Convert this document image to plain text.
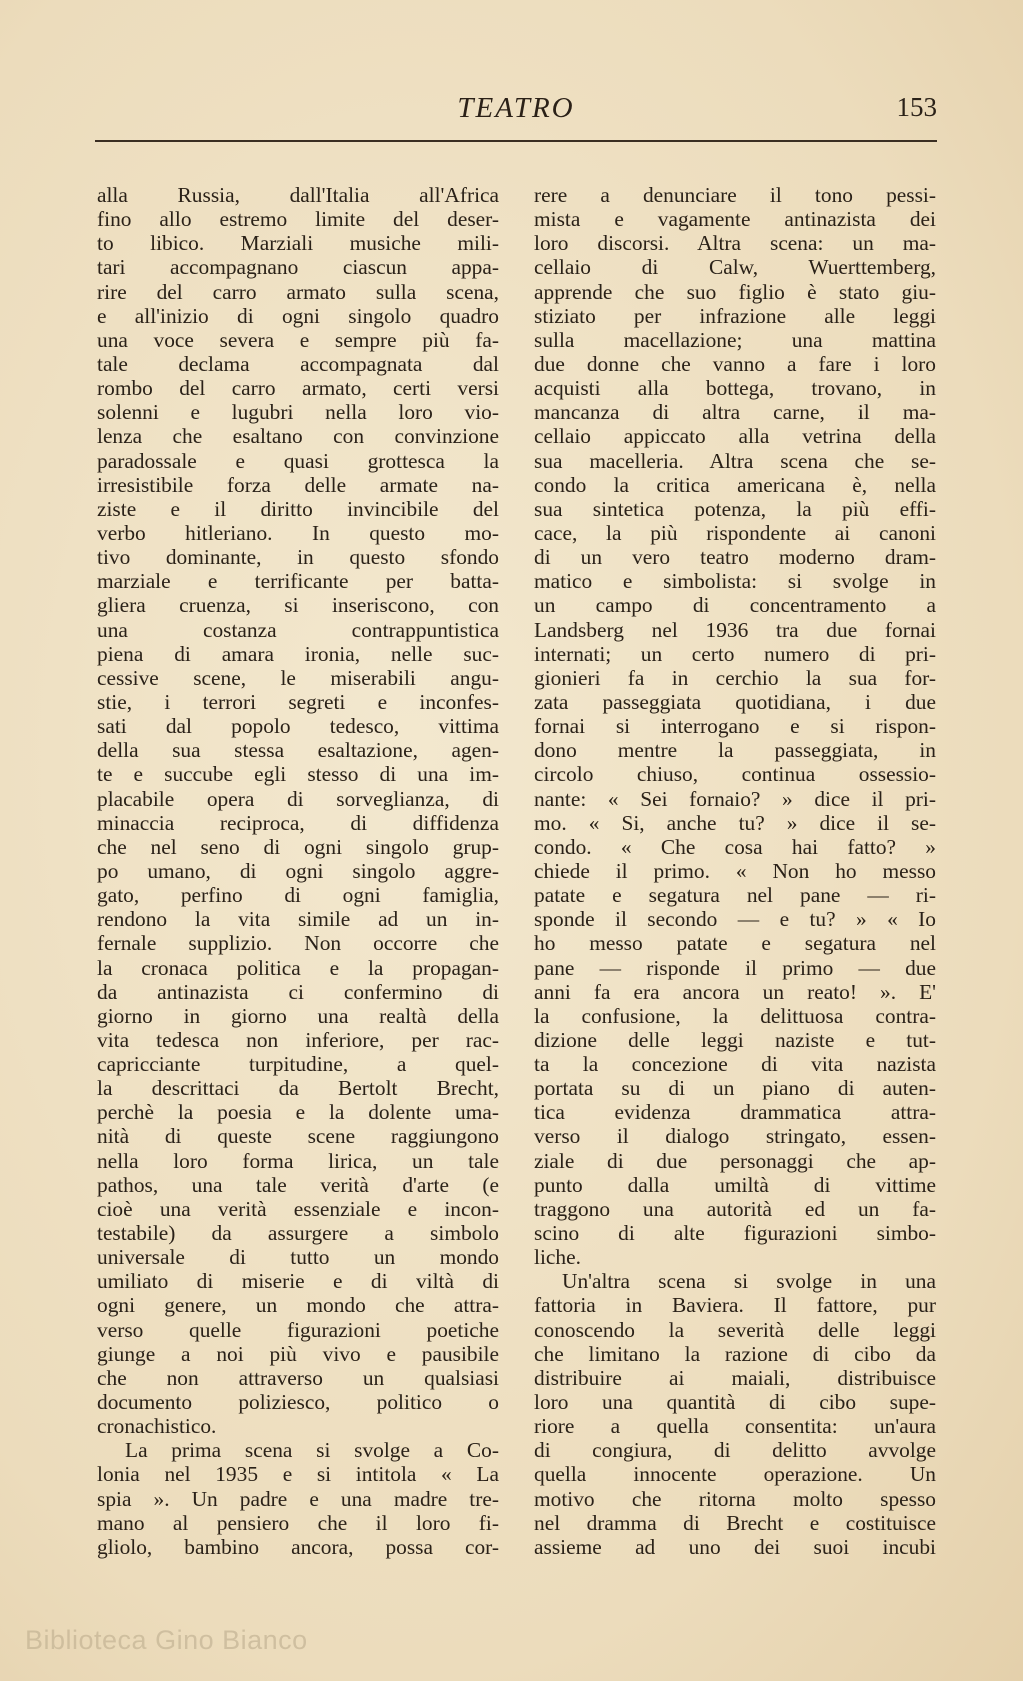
TEATRO	153
alla Russia, dall'Italia all'Africa
fino allo estremo limite del deser-
to libico. Marziali musiche mili-
tari accompagnano ciascun appa-
rire del carro armato sulla scena,
e all'inizio di ogni singolo quadro
una voce severa e sempre più fa-
tale declama accompagnata dal
rombo del carro armato, certi versi
solenni e lugubri nella loro vio-
lenza che esaltano con convinzione
paradossale e quasi grottesca la
irresistibile forza delle armate na-
ziste e il diritto invincibile del
verbo hitleriano. In questo mo-
tivo dominante, in questo sfondo
marziale e terrificante per batta-
gliera cruenza, si inseriscono, con
una costanza contrappuntistica
piena di amara ironia, nelle suc-
cessive scene, le miserabili angu-
stie, i terrori segreti e inconfes-
sati dal popolo tedesco, vittima
della sua stessa esaltazione, agen-
te e succube egli stesso di una im-
placabile opera di sorveglianza, di
minaccia reciproca, di diffidenza
che nel seno di ogni singolo grup-
po umano, di ogni singolo aggre-
gato, perfino di ogni famiglia,
rendono la vita simile ad un in-
fernale supplizio. Non occorre che
la cronaca politica e la propagan-
da antinazista ci confermino di
giorno in giorno una realtà della
vita tedesca non inferiore, per rac-
capricciante turpitudine, a quel-
la descrittaci da Bertolt Brecht,
perchè la poesia e la dolente uma-
nità di queste scene raggiungono
nella loro forma lirica, un tale
pathos, una tale verità d'arte (e
cioè una verità essenziale e incon-
testabile) da assurgere a simbolo
universale di tutto un mondo
umiliato di miserie e di viltà di
ogni genere, un mondo che attra-
verso quelle figurazioni poetiche
giunge a noi più vivo e pausibile
che non attraverso un qualsiasi
documento poliziesco, politico o
cronachistico.
La prima scena si svolge a Co-
lonia nel 1935 e si intitola « La
spia ». Un padre e una madre tre-
mano al pensiero che il loro fi-
gliolo, bambino ancora, possa cor-
rere a denunciare il tono pessi-
mista e vagamente antinazista dei
loro discorsi. Altra scena: un ma-
cellaio di Calw, Wuerttemberg,
apprende che suo figlio è stato giu-
stiziato per infrazione alle leggi
sulla macellazione; una mattina
due donne che vanno a fare i loro
acquisti alla bottega, trovano, in
mancanza di altra carne, il ma-
cellaio appiccato alla vetrina della
sua macelleria. Altra scena che se-
condo la critica americana è, nella
sua sintetica potenza, la più effi-
cace, la più rispondente ai canoni
di un vero teatro moderno dram-
matico e simbolista: si svolge in
un campo di concentramento a
Landsberg nel 1936 tra due fornai
internati; un certo numero di pri-
gionieri fa in cerchio la sua for-
zata passeggiata quotidiana, i due
fornai si interrogano e si rispon-
dono mentre la passeggiata, in
circolo chiuso, continua ossessio-
nante: « Sei fornaio? » dice il pri-
mo. « Si, anche tu? » dice il se-
condo. « Che cosa hai fatto? »
chiede il primo. « Non ho messo
patate e segatura nel pane — ri-
sponde il secondo — e tu? » « Io
ho messo patate e segatura nel
pane — risponde il primo — due
anni fa era ancora un reato! ». E'
la confusione, la delittuosa contra-
dizione delle leggi naziste e tut-
ta la concezione di vita nazista
portata su di un piano di auten-
tica evidenza drammatica attra-
verso il dialogo stringato, essen-
ziale di due personaggi che ap-
punto dalla umiltà di vittime
traggono una autorità ed un fa-
scino di alte figurazioni simbo-
liche.
Un'altra scena si svolge in una
fattoria in Baviera. Il fattore, pur
conoscendo la severità delle leggi
che limitano la razione di cibo da
distribuire ai maiali, distribuisce
loro una quantità di cibo supe-
riore a quella consentita: un'aura
di congiura, di delitto avvolge
quella innocente operazione. Un
motivo che ritorna molto spesso
nel dramma di Brecht e costituisce
assieme ad uno dei suoi incubi
Biblioteca Gino Bianco
